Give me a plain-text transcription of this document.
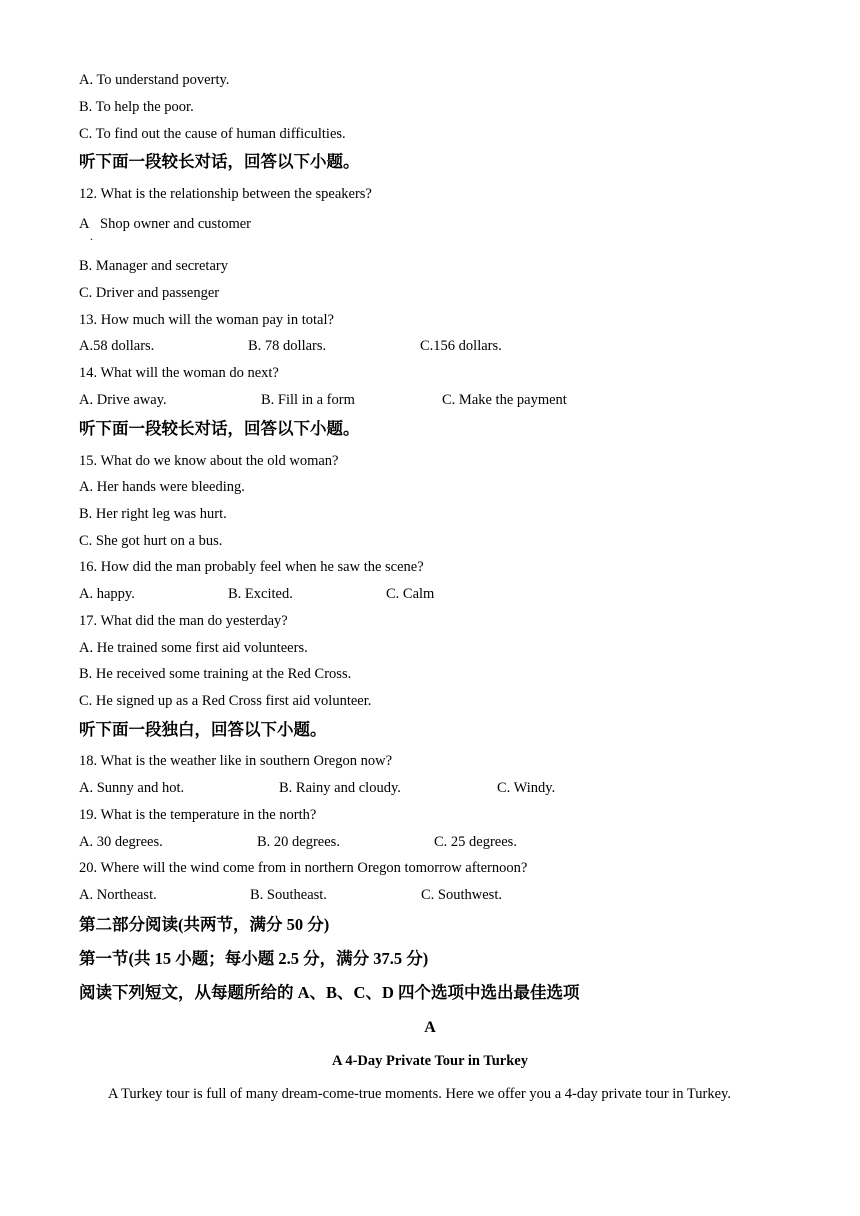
A. To understand poverty.
B. To help the poor.
C. To find out the cause of human difficulties.
听下面一段较长对话，回答以下小题。
12. What is the relationship between the speakers?
A Shop owner and customer
.
B. Manager and secretary
C. Driver and passenger
13. How much will the woman pay in total?
A.58 dollars.	B. 78 dollars.	C.156 dollars.
14. What will the woman do next?
A. Drive away.	B. Fill in a form	C. Make the payment
听下面一段较长对话，回答以下小题。
15. What do we know about the old woman?
A. Her hands were bleeding.
B. Her right leg was hurt.
C. She got hurt on a bus.
16. How did the man probably feel when he saw the scene?
A. happy.	B. Excited.	C. Calm
17. What did the man do yesterday?
A. He trained some first aid volunteers.
B. He received some training at the Red Cross.
C. He signed up as a Red Cross first aid volunteer.
听下面一段独白，回答以下小题。
18. What is the weather like in southern Oregon now?
A. Sunny and hot.	B. Rainy and cloudy.	C. Windy.
19. What is the temperature in the north?
A. 30 degrees.	B. 20 degrees.	C. 25 degrees.
20. Where will the wind come from in northern Oregon tomorrow afternoon?
A. Northeast.	B. Southeast.	C. Southwest.
第二部分阅读(共两节，满分 50 分)
第一节(共 15 小题；每小题 2.5 分，满分 37.5 分)
阅读下列短文，从每题所给的 A、B、C、D 四个选项中选出最佳选项
A
A 4-Day Private Tour in Turkey
A Turkey tour is full of many dream-come-true moments. Here we offer you a 4-day private tour in Turkey.
